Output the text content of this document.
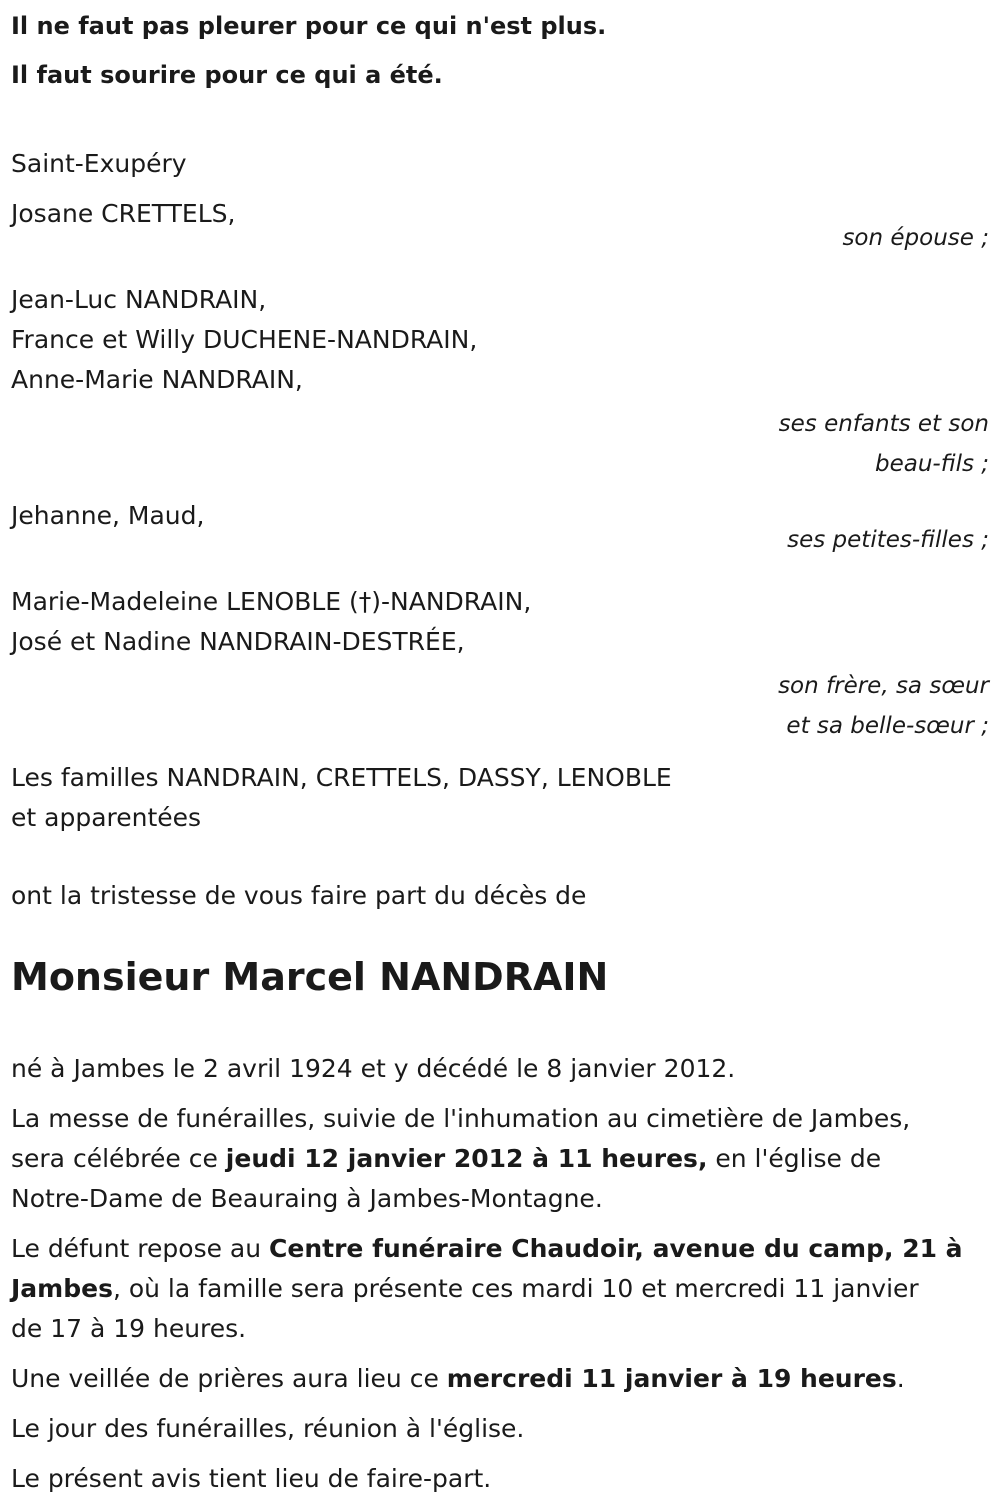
Il ne faut pas pleurer pour ce qui n'est plus.
Il faut sourire pour ce qui a été.
Saint-Exupéry
Josane CRETTELS,
son épouse ;
Jean-Luc NANDRAIN,
France et Willy DUCHENE-NANDRAIN,
Anne-Marie NANDRAIN,
ses enfants et son
beau-fils ;
Jehanne, Maud,
ses petites-filles ;
Marie-Madeleine LENOBLE (†)-NANDRAIN,
José et Nadine NANDRAIN-DESTRÉE,
son frère, sa sœur
et sa belle-sœur ;
Les familles NANDRAIN, CRETTELS, DASSY, LENOBLE
et apparentées
ont la tristesse de vous faire part du décès de
Monsieur Marcel NANDRAIN
né à Jambes le 2 avril 1924 et y décédé le 8 janvier 2012.
La messe de funérailles, suivie de l'inhumation au cimetière de Jambes,
sera célébrée ce jeudi 12 janvier 2012 à 11 heures, en l'église de
Notre-Dame de Beauraing à Jambes-Montagne.
Le défunt repose au Centre funéraire Chaudoir, avenue du camp, 21 à
Jambes, où la famille sera présente ces mardi 10 et mercredi 11 janvier
de 17 à 19 heures.
Une veillée de prières aura lieu ce mercredi 11 janvier à 19 heures.
Le jour des funérailles, réunion à l'église.
Le présent avis tient lieu de faire-part.
